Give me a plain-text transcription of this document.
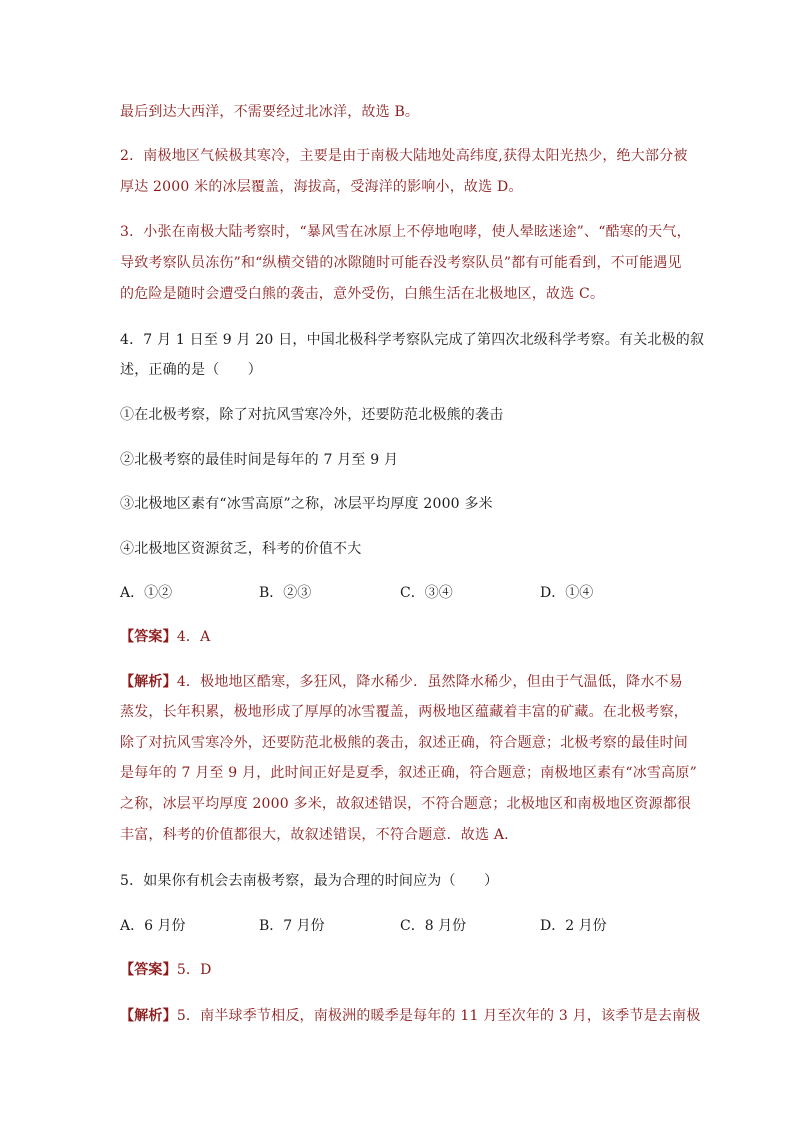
最后到达大西洋，不需要经过北冰洋，故选 B。
2．南极地区气候极其寒冷，主要是由于南极大陆地处高纬度,获得太阳光热少，绝大部分被
厚达 2000 米的冰层覆盖，海拔高，受海洋的影响小，故选 D。
3．小张在南极大陆考察时，“暴风雪在冰原上不停地咆哮，使人晕眩迷途”、“酷寒的天气，
导致考察队员冻伤”和“纵横交错的冰隙随时可能吞没考察队员”都有可能看到，不可能遇见
的危险是随时会遭受白熊的袭击，意外受伤，白熊生活在北极地区，故选 C。
4．7 月 1 日至 9 月 20 日，中国北极科学考察队完成了第四次北级科学考察。有关北极的叙
述，正确的是（　　）
①在北极考察，除了对抗风雪寒冷外，还要防范北极熊的袭击
②北极考察的最佳时间是每年的 7 月至 9 月
③北极地区素有“冰雪高原”之称，冰层平均厚度 2000 多米
④北极地区资源贫乏，科考的价值不大
A．①②	B．②③	C．③④	D．①④
【答案】4．A
【解析】4．极地地区酷寒，多狂风，降水稀少．虽然降水稀少，但由于气温低，降水不易
蒸发，长年积累，极地形成了厚厚的冰雪覆盖，两极地区蕴藏着丰富的矿藏。在北极考察，
除了对抗风雪寒冷外，还要防范北极熊的袭击，叙述正确，符合题意；北极考察的最佳时间
是每年的 7 月至 9 月，此时间正好是夏季，叙述正确，符合题意；南极地区素有“冰雪高原”
之称，冰层平均厚度 2000 多米，故叙述错误，不符合题意；北极地区和南极地区资源都很
丰富，科考的价值都很大，故叙述错误，不符合题意．故选 A.
5．如果你有机会去南极考察，最为合理的时间应为（　　）
A．6 月份	B．7 月份	C．8 月份	D．2 月份
【答案】5．D
【解析】5．南半球季节相反，南极洲的暖季是每年的 11 月至次年的 3 月，该季节是去南极
